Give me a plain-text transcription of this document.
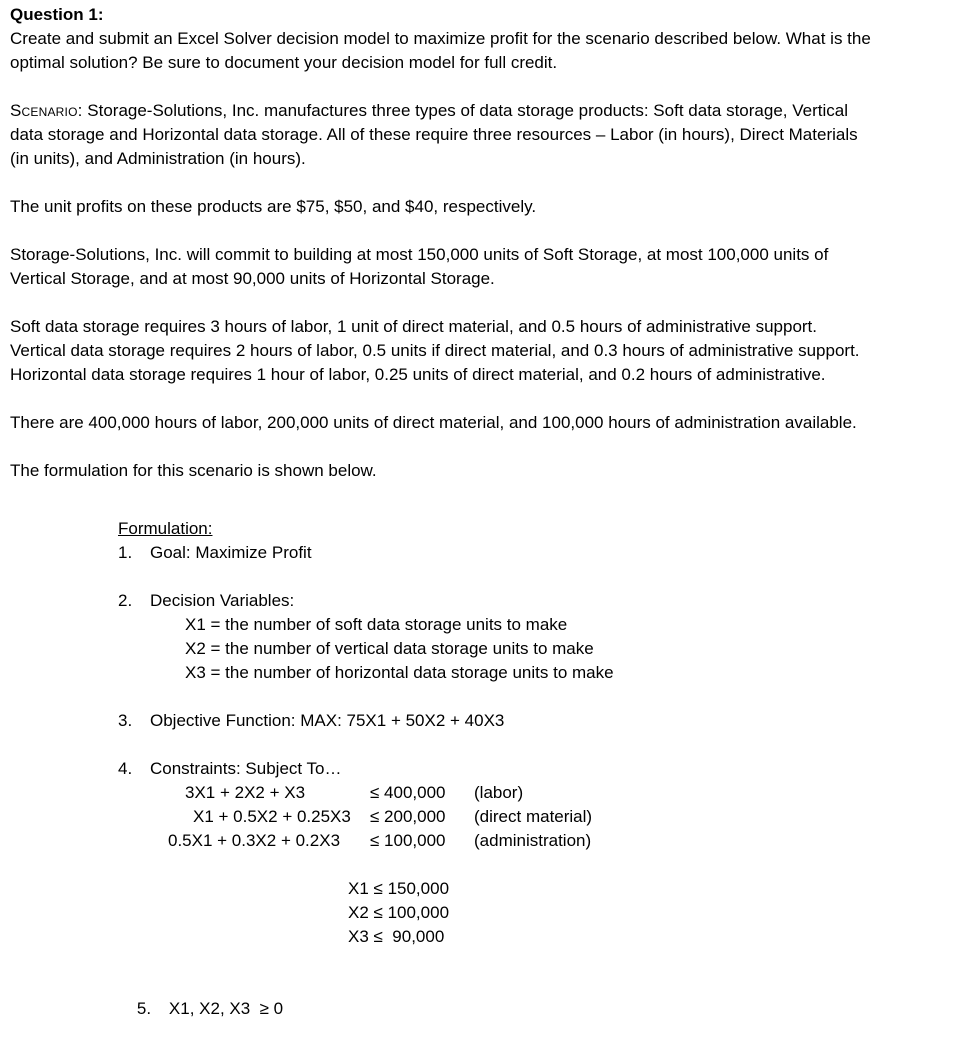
Question 1:
Create and submit an Excel Solver decision model to maximize profit for the scenario described below. What is the
optimal solution? Be sure to document your decision model for full credit.
Scenario: Storage-Solutions, Inc. manufactures three types of data storage products: Soft data storage, Vertical
data storage and Horizontal data storage. All of these require three resources – Labor (in hours), Direct Materials
(in units), and Administration (in hours).
The unit profits on these products are $75, $50, and $40, respectively.
Storage-Solutions, Inc. will commit to building at most 150,000 units of Soft Storage, at most 100,000 units of
Vertical Storage, and at most 90,000 units of Horizontal Storage.
Soft data storage requires 3 hours of labor, 1 unit of direct material, and 0.5 hours of administrative support.
Vertical data storage requires 2 hours of labor, 0.5 units if direct material, and 0.3 hours of administrative support.
Horizontal data storage requires 1 hour of labor, 0.25 units of direct material, and 0.2 hours of administrative.
There are 400,000 hours of labor, 200,000 units of direct material, and 100,000 hours of administration available.
The formulation for this scenario is shown below.
Formulation:
1. Goal: Maximize Profit
2. Decision Variables:
X1 = the number of soft data storage units to make
X2 = the number of vertical data storage units to make
X3 = the number of horizontal data storage units to make
3. Objective Function: MAX: 75X1 + 50X2 + 40X3
4. Constraints: Subject To…
3X1 + 2X2 + X3	≤ 400,000 (labor)
X1 + 0.5X2 + 0.25X3 ≤ 200,000 (direct material)
0.5X1 + 0.3X2 + 0.2X3 ≤ 100,000 (administration)
X1 ≤ 150,000
X2 ≤ 100,000
X3 ≤  90,000

5. X1, X2, X3  ≥ 0
